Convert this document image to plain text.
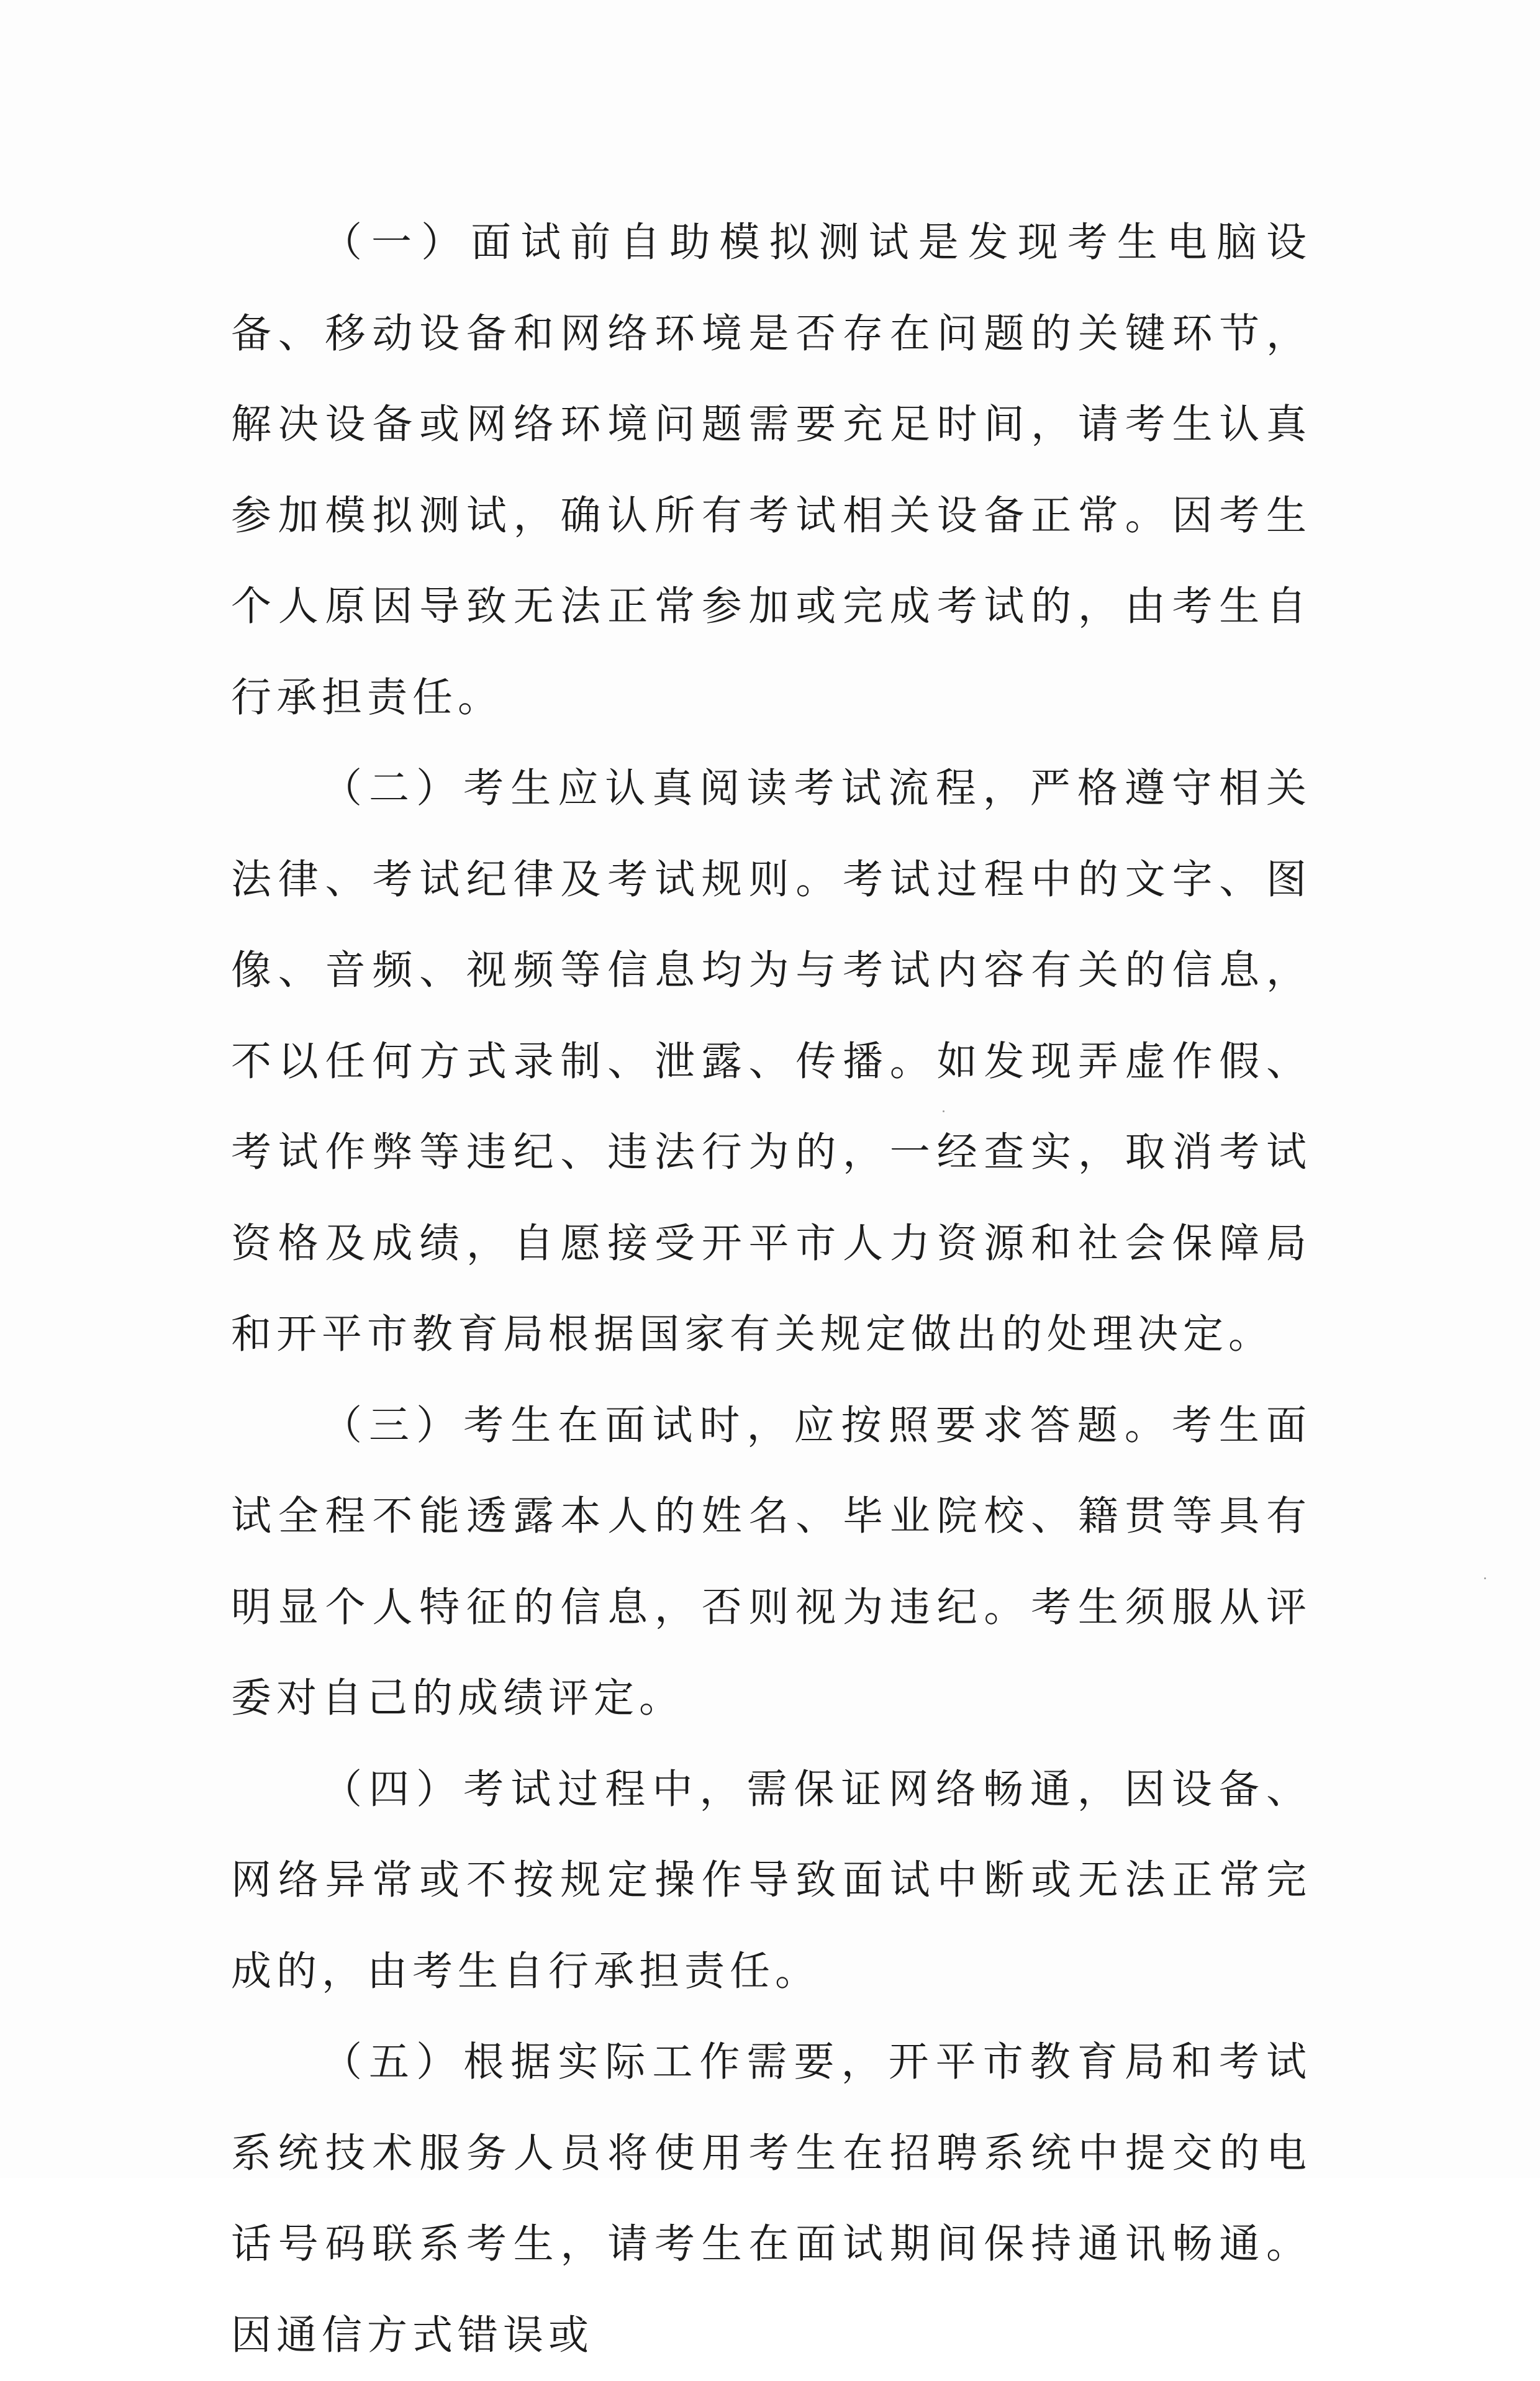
（一）面试前自助模拟测试是发现考生电脑设备、移动设备和网络环境是否存在问题的关键环节，解决设备或网络环境问题需要充足时间，请考生认真参加模拟测试，确认所有考试相关设备正常。因考生个人原因导致无法正常参加或完成考试的，由考生自行承担责任。

（二）考生应认真阅读考试流程，严格遵守相关法律、考试纪律及考试规则。考试过程中的文字、图像、音频、视频等信息均为与考试内容有关的信息，不以任何方式录制、泄露、传播。如发现弄虚作假、考试作弊等违纪、违法行为的，一经查实，取消考试资格及成绩，自愿接受开平市人力资源和社会保障局和开平市教育局根据国家有关规定做出的处理决定。

（三）考生在面试时，应按照要求答题。考生面试全程不能透露本人的姓名、毕业院校、籍贯等具有明显个人特征的信息，否则视为违纪。考生须服从评委对自己的成绩评定。

（四）考试过程中，需保证网络畅通，因设备、网络异常或不按规定操作导致面试中断或无法正常完成的，由考生自行承担责任。

（五）根据实际工作需要，开平市教育局和考试系统技术服务人员将使用考生在招聘系统中提交的电话号码联系考生，请考生在面试期间保持通讯畅通。因通信方式错误或
